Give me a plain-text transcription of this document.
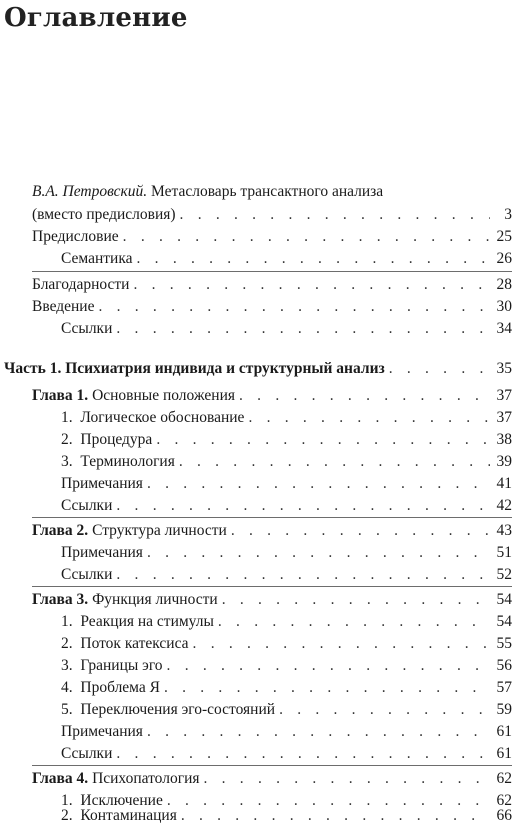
Оглавление
В.А. Петровский. Метасловарь трансактного анализа
(вместо предисловия) . . .	3
Предисловие . . .	25
Семантика . . .	26
Благодарности . . .	28
Введение . . .	30
Ссылки . . .	34
Часть 1. Психиатрия индивида и структурный анализ . . .	35
Глава 1. Основные положения . . .	37
1.  Логическое обоснование . . .	37
2.  Процедура . . .	38
3.  Терминология . . .	39
Примечания . . .	41
Ссылки . . .	42
Глава 2. Структура личности . . .	43
Примечания . . .	51
Ссылки . . .	52
Глава 3. Функция личности . . .	54
1.  Реакция на стимулы . . .	54
2.  Поток катексиса . . .	55
3.  Границы эго . . .	56
4.  Проблема Я . . .	57
5.  Переключения эго-состояний . . .	59
Примечания . . .	61
Ссылки . . .	61
Глава 4. Психопатология . . .	62
1.  Исключение . . .	62
2.  Контаминация . . .	66
